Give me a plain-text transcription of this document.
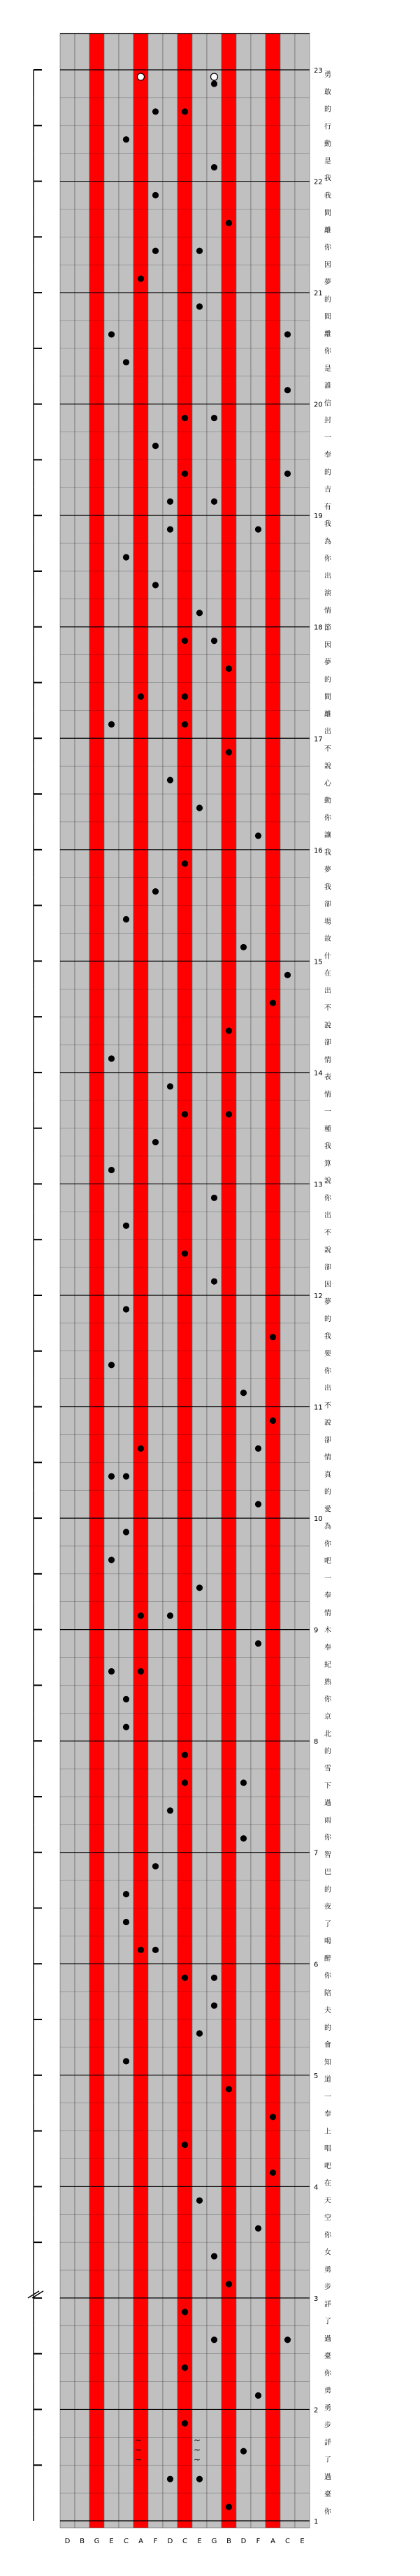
23
22
21
20
19
18
17
16
15
14
13
12
11
10
9
8
7
6
5
4
3
2
1
勇
敢
的
行
動
是
我
我
間
離
你
因
夢
的
間
離
你
是
誰
信
封
一
奉
的
吉
有
我
為
你
出
演
情
節
因
夢
的
間
離
出
不
說
心
動
你
讓
我
夢
我
卻
場
故
什
在
出
不
說
卻
情
表
情
一
種
我
算
說
你
出
不
說
卻
因
夢
的
我
要
你
出
不
說
卻
情
真
的
愛
為
你
吧
一
奉
情
木
奉
紀
熟
你
京
北
的
雪
下
過
雨
你
智
巴
的
夜
了
喝
醉
你
陪
夫
的
會
知
道
一
奉
上
唱
吧
在
天
空
你
女
勇
步
詳
了
過
臺
你
勇
勇
步
詳
了
過
臺
你
D B G E C A F D C E G B D F A C E
~	~
~	~
~	~
